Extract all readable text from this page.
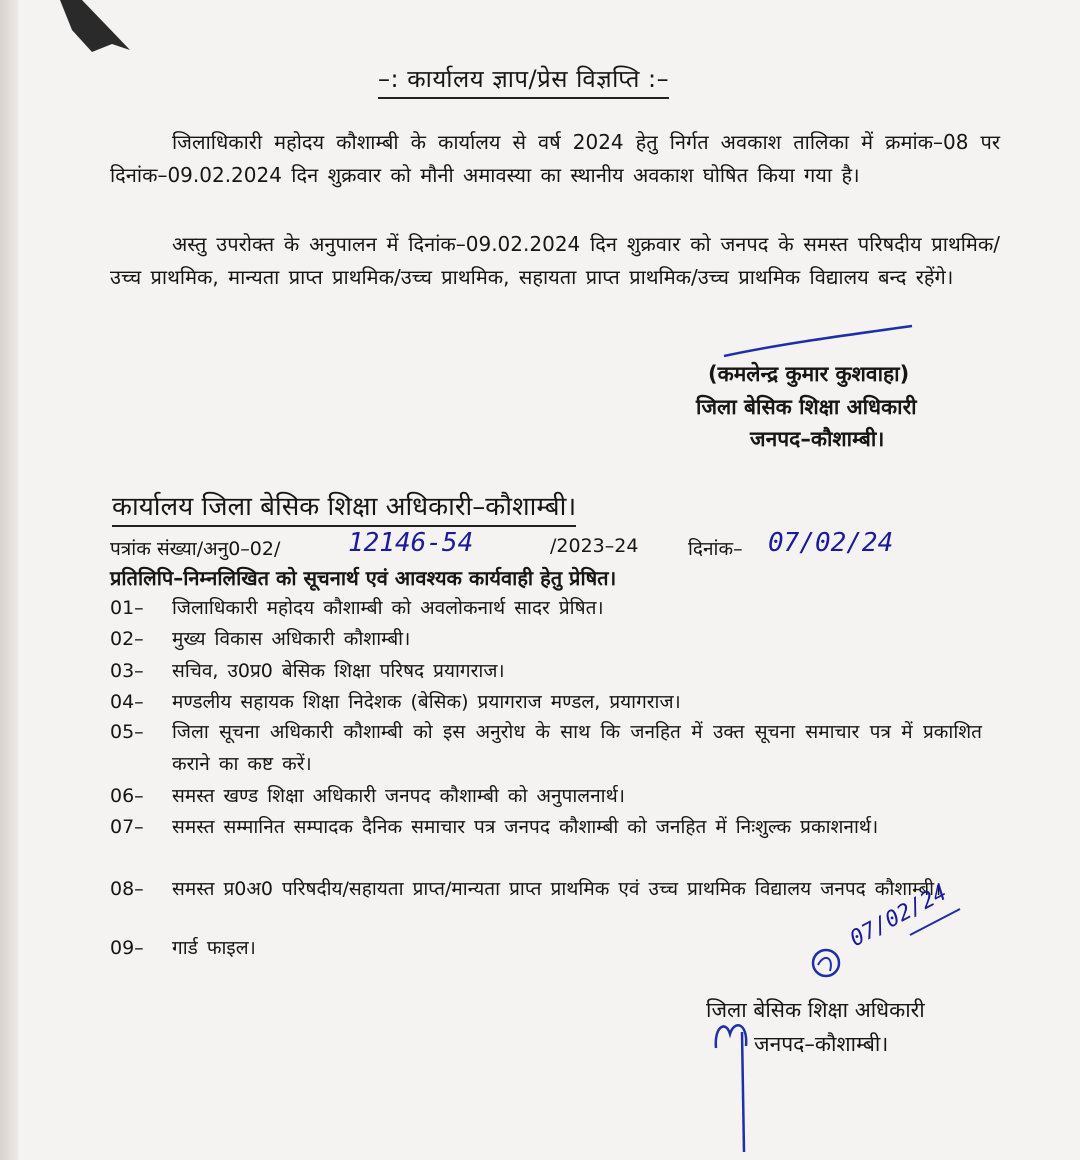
–: कार्यालय ज्ञाप/प्रेस विज्ञप्ति :–
जिलाधिकारी महोदय कौशाम्बी के कार्यालय से वर्ष 2024 हेतु निर्गत अवकाश तालिका में क्रमांक–08 पर दिनांक–09.02.2024 दिन शुक्रवार को मौनी अमावस्या का स्थानीय अवकाश घोषित किया गया है।
अस्तु उपरोक्त के अनुपालन में दिनांक–09.02.2024 दिन शुक्रवार को जनपद के समस्त परिषदीय प्राथमिक/उच्च प्राथमिक, मान्यता प्राप्त प्राथमिक/उच्च प्राथमिक, सहायता प्राप्त प्राथमिक/उच्च प्राथमिक विद्यालय बन्द रहेंगे।
(कमलेन्द्र कुमार कुशवाहा)
जिला बेसिक शिक्षा अधिकारी
जनपद–कौशाम्बी।
कार्यालय जिला बेसिक शिक्षा अधिकारी–कौशाम्बी।
पत्रांक संख्या/अनु0–02/	12146-54	/2023–24	दिनांक– 07/02/24
प्रतिलिपि–निम्नलिखित को सूचनार्थ एवं आवश्यक कार्यवाही हेतु प्रेषित।
01–	जिलाधिकारी महोदय कौशाम्बी को अवलोकनार्थ सादर प्रेषित।
02–	मुख्य विकास अधिकारी कौशाम्बी।
03–	सचिव, उ0प्र0 बेसिक शिक्षा परिषद प्रयागराज।
04–	मण्डलीय सहायक शिक्षा निदेशक (बेसिक) प्रयागराज मण्डल, प्रयागराज।
05–	जिला सूचना अधिकारी कौशाम्बी को इस अनुरोध के साथ कि जनहित में उक्त सूचना समाचार पत्र में प्रकाशित कराने का कष्ट करें।
06–	समस्त खण्ड शिक्षा अधिकारी जनपद कौशाम्बी को अनुपालनार्थ।
07–	समस्त सम्मानित सम्पादक दैनिक समाचार पत्र जनपद कौशाम्बी को जनहित में निःशुल्क प्रकाशनार्थ।
08–	समस्त प्र0अ0 परिषदीय/सहायता प्राप्त/मान्यता प्राप्त प्राथमिक एवं उच्च प्राथमिक विद्यालय जनपद कौशाम्बी।
09–	गार्ड फाइल।	07/02/24
जिला बेसिक शिक्षा अधिकारी
जनपद–कौशाम्बी।
